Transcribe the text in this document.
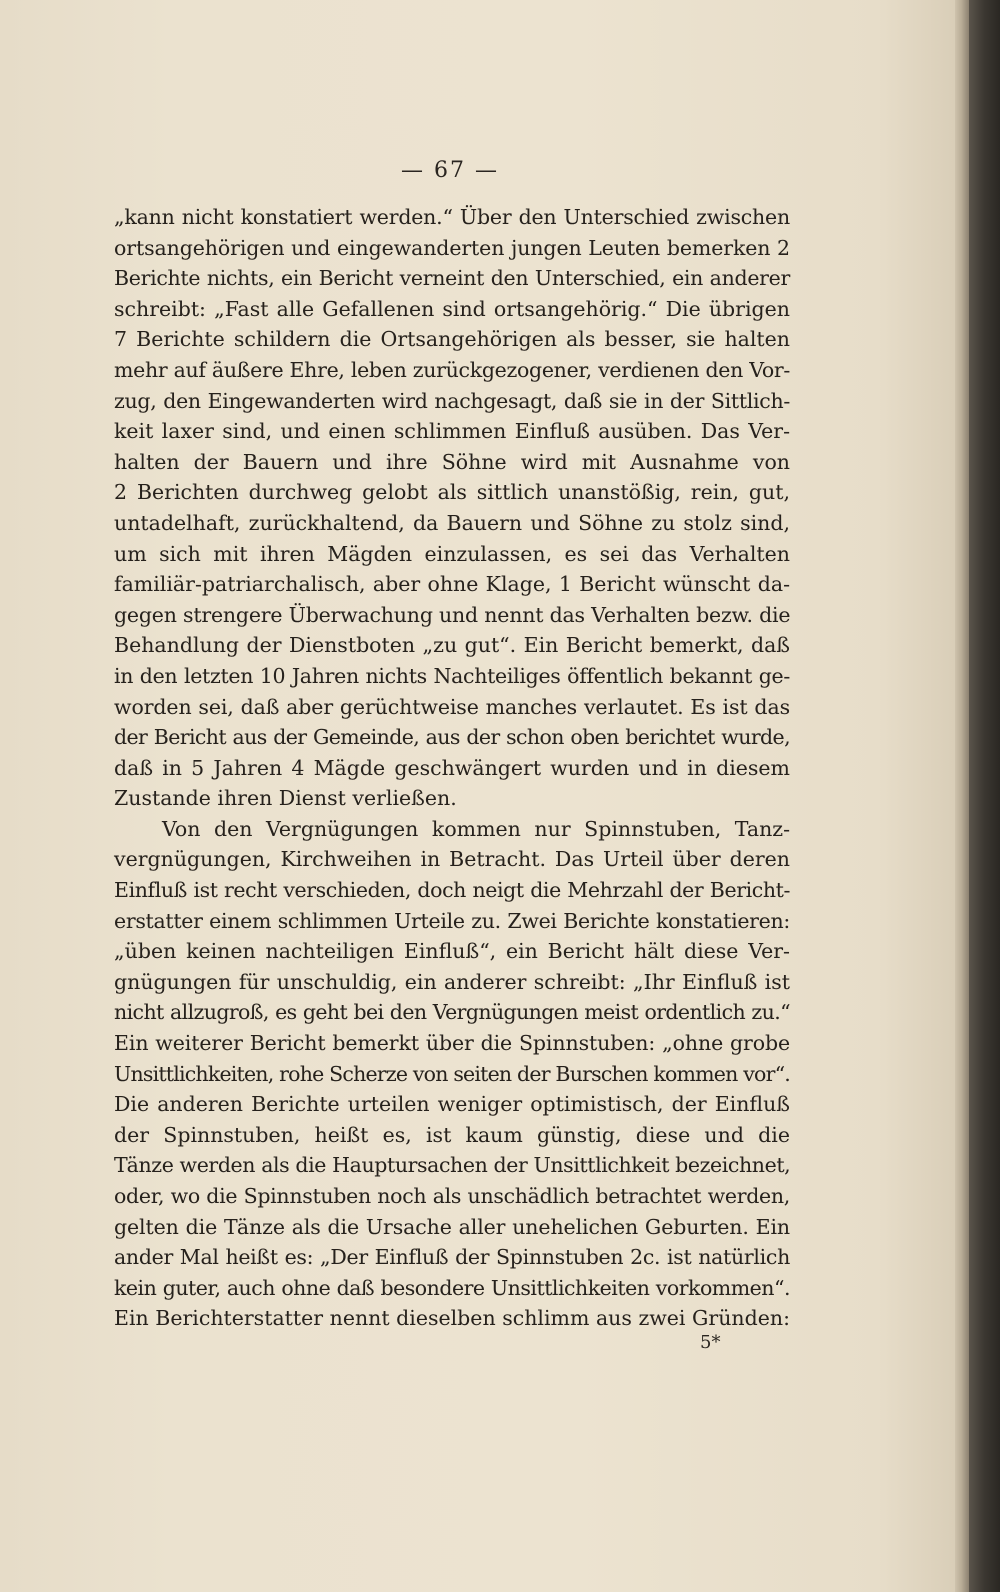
— 67 —
„kann nicht konstatiert werden.“ Über den Unterschied zwischen
ortsangehörigen und eingewanderten jungen Leuten bemerken 2
Berichte nichts, ein Bericht verneint den Unterschied, ein anderer
schreibt: „Fast alle Gefallenen sind ortsangehörig.“ Die übrigen
7 Berichte schildern die Ortsangehörigen als besser, sie halten
mehr auf äußere Ehre, leben zurückgezogener, verdienen den Vor-
zug, den Eingewanderten wird nachgesagt, daß sie in der Sittlich-
keit laxer sind, und einen schlimmen Einfluß ausüben. Das Ver-
halten der Bauern und ihre Söhne wird mit Ausnahme von
2 Berichten durchweg gelobt als sittlich unanstößig, rein, gut,
untadelhaft, zurückhaltend, da Bauern und Söhne zu stolz sind,
um sich mit ihren Mägden einzulassen, es sei das Verhalten
familiär-patriarchalisch, aber ohne Klage, 1 Bericht wünscht da-
gegen strengere Überwachung und nennt das Verhalten bezw. die
Behandlung der Dienstboten „zu gut“. Ein Bericht bemerkt, daß
in den letzten 10 Jahren nichts Nachteiliges öffentlich bekannt ge-
worden sei, daß aber gerüchtweise manches verlautet. Es ist das
der Bericht aus der Gemeinde, aus der schon oben berichtet wurde,
daß in 5 Jahren 4 Mägde geschwängert wurden und in diesem
Zustande ihren Dienst verließen.
Von den Vergnügungen kommen nur Spinnstuben, Tanz-
vergnügungen, Kirchweihen in Betracht. Das Urteil über deren
Einfluß ist recht verschieden, doch neigt die Mehrzahl der Bericht-
erstatter einem schlimmen Urteile zu. Zwei Berichte konstatieren:
„üben keinen nachteiligen Einfluß“, ein Bericht hält diese Ver-
gnügungen für unschuldig, ein anderer schreibt: „Ihr Einfluß ist
nicht allzugroß, es geht bei den Vergnügungen meist ordentlich zu.“
Ein weiterer Bericht bemerkt über die Spinnstuben: „ohne grobe
Unsittlichkeiten, rohe Scherze von seiten der Burschen kommen vor“.
Die anderen Berichte urteilen weniger optimistisch, der Einfluß
der Spinnstuben, heißt es, ist kaum günstig, diese und die
Tänze werden als die Hauptursachen der Unsittlichkeit bezeichnet,
oder, wo die Spinnstuben noch als unschädlich betrachtet werden,
gelten die Tänze als die Ursache aller unehelichen Geburten. Ein
ander Mal heißt es: „Der Einfluß der Spinnstuben 2c. ist natürlich
kein guter, auch ohne daß besondere Unsittlichkeiten vorkommen“.
Ein Berichterstatter nennt dieselben schlimm aus zwei Gründen:
5*
